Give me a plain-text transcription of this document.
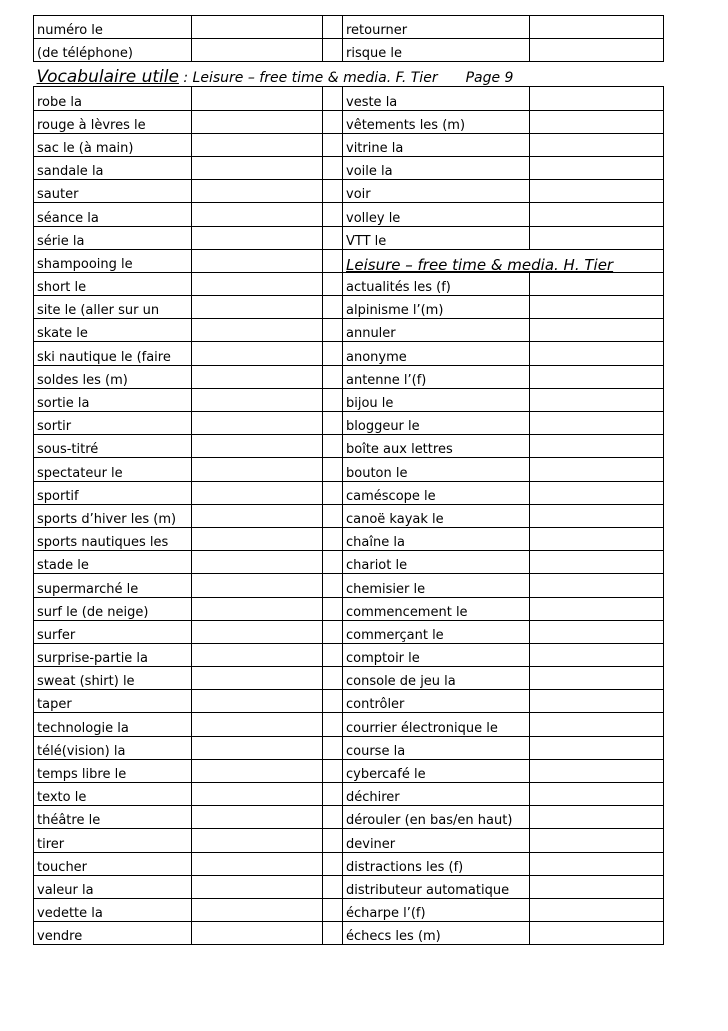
numéro le			retourner	
(de téléphone)			risque le	
Vocabulaire utile : Leisure – free time & media. F. Tier Page 9				
robe la			veste la	
rouge à lèvres le			vêtements les (m)	
sac le (à main)			vitrine la	
sandale la			voile la	
sauter			voir	
séance la			volley le	
série la			VTT le	
shampooing le			Leisure – free time & media. H. Tier	
short le			actualités les (f)	
site le (aller sur un			alpinisme l’(m)	
skate le			annuler	
ski nautique le (faire			anonyme	
soldes les (m)			antenne l’(f)	
sortie la			bijou le	
sortir			bloggeur le	
sous-titré			boîte aux lettres	
spectateur le			bouton le	
sportif			caméscope le	
sports d’hiver les (m)			canoë kayak le	
sports nautiques les			chaîne la	
stade le			chariot le	
supermarché le			chemisier le	
surf le (de neige)			commencement le	
surfer			commerçant le	
surprise-partie la			comptoir le	
sweat (shirt) le			console de jeu la	
taper			contrôler	
technologie la			courrier électronique le	
télé(vision) la			course la	
temps libre le			cybercafé le	
texto le			déchirer	
théâtre le			dérouler (en bas/en haut)	
tirer			deviner	
toucher			distractions les (f)	
valeur la			distributeur automatique	
vedette la			écharpe l’(f)	
vendre			échecs les (m)	
